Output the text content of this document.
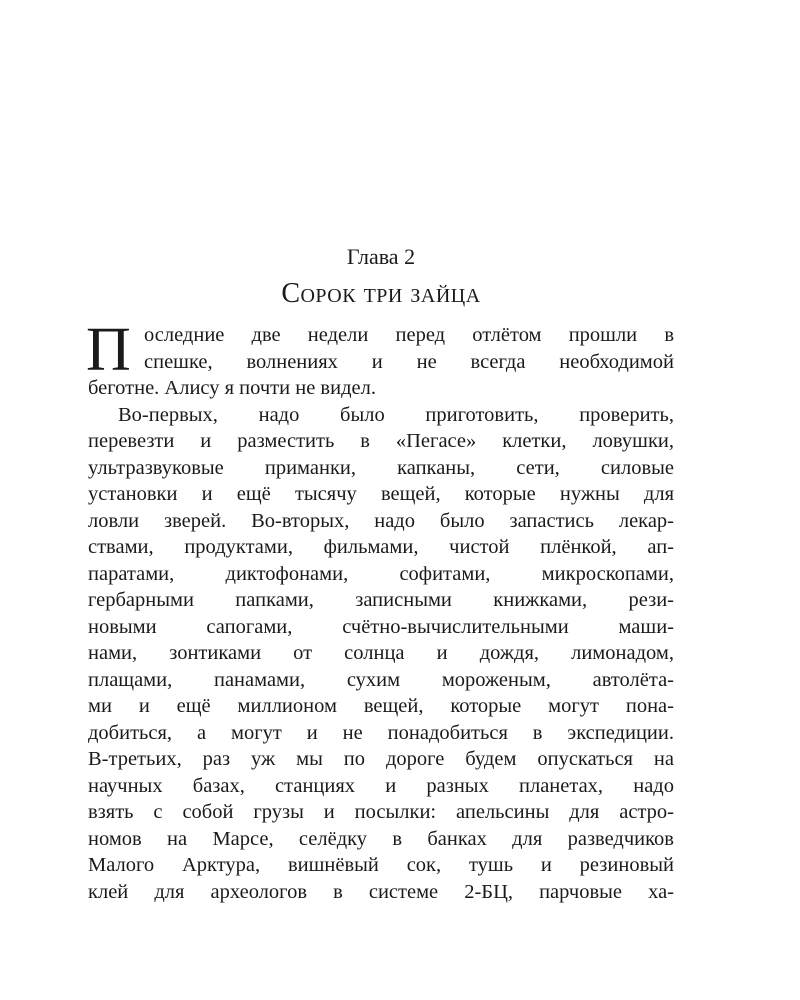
Глава 2
Сорок три зайца
П оследние две недели перед отлётом прошли в
спешке, волнениях и не всегда необходимой
беготне. Алису я почти не видел.
Во-первых, надо было приготовить, проверить,
перевезти и разместить в «Пегасе» клетки, ловушки,
ультразвуковые приманки, капканы, сети, силовые
установки и ещё тысячу вещей, которые нужны для
ловли зверей. Во-вторых, надо было запастись лекар-
ствами, продуктами, фильмами, чистой плёнкой, ап-
паратами, диктофонами, софитами, микроскопами,
гербарными папками, записными книжками, рези-
новыми сапогами, счётно-вычислительными маши-
нами, зонтиками от солнца и дождя, лимонадом,
плащами, панамами, сухим мороженым, автолёта-
ми и ещё миллионом вещей, которые могут пона-
добиться, а могут и не понадобиться в экспедиции.
В-третьих, раз уж мы по дороге будем опускаться на
научных базах, станциях и разных планетах, надо
взять с собой грузы и посылки: апельсины для астро-
номов на Марсе, селёдку в банках для разведчиков
Малого Арктура, вишнёвый сок, тушь и резиновый
клей для археологов в системе 2-БЦ, парчовые ха-
